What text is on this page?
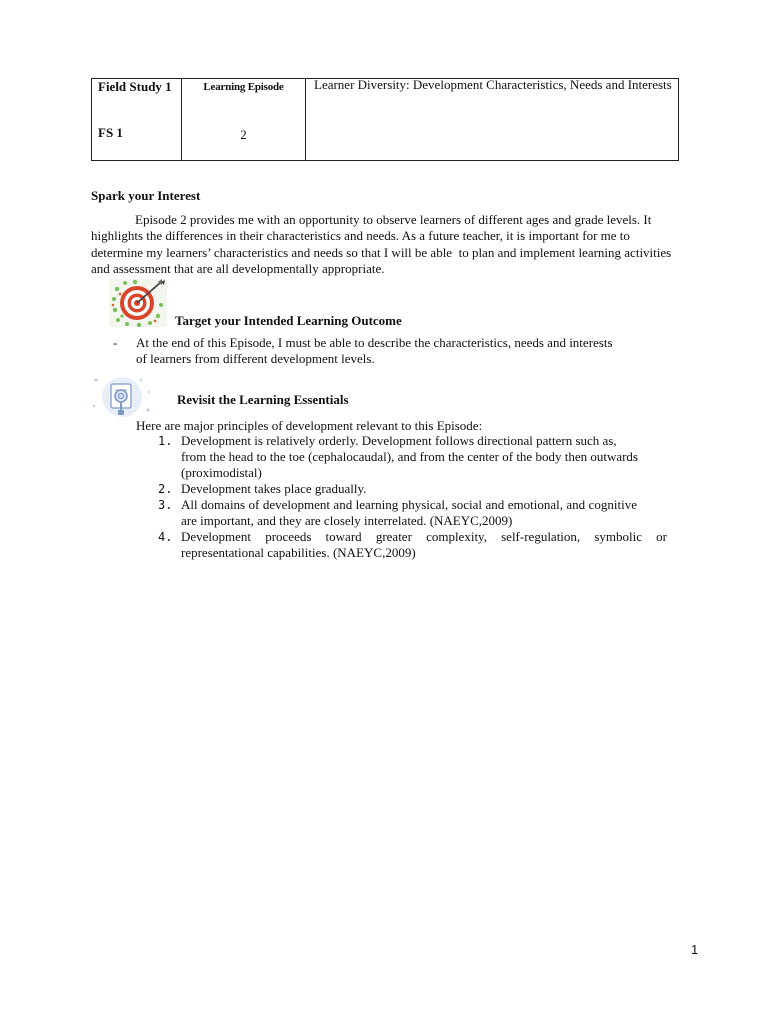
Field Study 1
FS 1
Learning Episode
2
Learner Diversity: Development Characteristics, Needs and Interests
Spark your Interest
Episode 2 provides me with an opportunity to observe learners of different ages and grade levels. It highlights the differences in their characteristics and needs. As a future teacher, it is important for me to determine my learners’ characteristics and needs so that I will be able  to plan and implement learning activities and assessment that are all developmentally appropriate.
Target your Intended Learning Outcome
- At the end of this Episode, I must be able to describe the characteristics, needs and interests of learners from different development levels.
Revisit the Learning Essentials
Here are major principles of development relevant to this Episode:
1. Development is relatively orderly. Development follows directional pattern such as, from the head to the toe (cephalocaudal), and from the center of the body then outwards (proximodistal)
2. Development takes place gradually.
3. All domains of development and learning physical, social and emotional, and cognitive are important, and they are closely interrelated. (NAEYC,2009)
4. Development proceeds toward greater complexity, self-regulation, symbolic or representational capabilities. (NAEYC,2009)
1
